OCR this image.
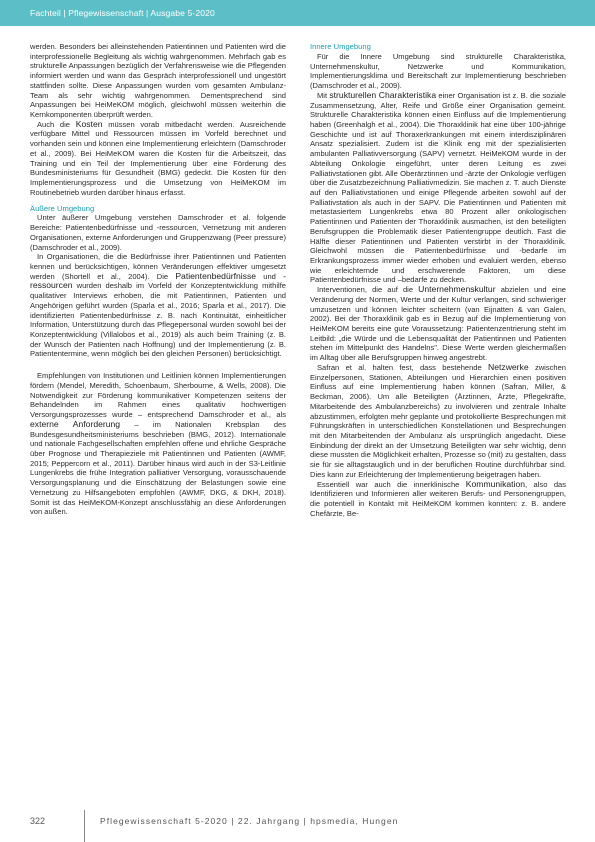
Fachteil | Pflegewissenschaft | Ausgabe 5-2020

werden. Besonders bei alleinstehenden Patientinnen und Patienten wird die interprofessionelle Begleitung als wichtig wahrgenommen. Mehrfach gab es strukturelle Anpassungen bezüglich der Verfahrensweise wie die Pflegenden informiert werden und wann das Gespräch interprofessionell und ungestört stattfinden sollte. Diese Anpassungen wurden vom gesamten Ambulanz-Team als sehr wichtig wahrgenommen. Dementsprechend sind Anpassungen bei HeiMeKOM möglich, gleichwohl müssen weiterhin die Kernkomponenten überprüft werden.

Auch die Kosten müssen vorab mitbedacht werden. Ausreichende verfügbare Mittel und Ressourcen müssen im Vorfeld berechnet und vorhanden sein und können eine Implementierung erleichtern (Damschroder et al., 2009). Bei HeiMeKOM waren die Kosten für die Arbeitszeit, das Training und ein Teil der Implementierung über eine Förderung des Bundesministeriums für Gesundheit (BMG) gedeckt. Die Kosten für den Implementierungsprozess und die Umsetzung von HeiMeKOM im Routinebetrieb wurden darüber hinaus erfasst.

Äußere Umgebung

Unter äußerer Umgebung verstehen Damschroder et al. folgende Bereiche: Patientenbedürfnisse und -ressourcen, Vernetzung mit anderen Organisationen, externe Anforderungen und Gruppenzwang (Peer pressure) (Damschroder et al., 2009).

In Organisationen, die die Bedürfnisse ihrer Patientinnen und Patienten kennen und berücksichtigen, können Veränderungen effektiver umgesetzt werden (Shortell et al., 2004). Die Patientenbedürfnisse und -ressourcen wurden deshalb im Vorfeld der Konzeptentwicklung mithilfe qualitativer Interviews erhoben, die mit Patientinnen, Patienten und Angehörigen geführt wurden (Sparla et al., 2016; Sparla et al., 2017). Die identifizierten Patientenbedürfnisse z. B. nach Kontinuität, einheitlicher Information, Unterstützung durch das Pflegepersonal wurden sowohl bei der Konzeptentwicklung (Villalobos et al., 2019) als auch beim Training (z. B. der Wunsch der Patienten nach Hoffnung) und der Implementierung (z. B. Patiententermine, wenn möglich bei den gleichen Personen) berücksichtigt.

Empfehlungen von Institutionen und Leitlinien können Implementierungen fördern (Mendel, Meredith, Schoenbaum, Sherbourne, & Wells, 2008). Die Notwendigkeit zur Förderung kommunikativer Kompetenzen seitens der Behandelnden im Rahmen eines qualitativ hochwertigen Versorgungsprozesses wurde – entsprechend Damschroder et al., als externe Anforderung – im Nationalen Krebsplan des Bundesgesundheitsministeriums beschrieben (BMG, 2012). Internationale und nationale Fachgesellschaften empfehlen offene und ehrliche Gespräche über Prognose und Therapieziele mit Patientinnen und Patienten (AWMF, 2015; Peppercorn et al., 2011). Darüber hinaus wird auch in der S3-Leitlinie Lungenkrebs die frühe Integration palliativer Versorgung, vorausschauende Versorgungsplanung und die Einschätzung der Belastungen sowie eine Vernetzung zu Hilfsangeboten empfohlen (AWMF, DKG, & DKH, 2018). Somit ist das HeiMeKOM-Konzept anschlussfähig an diese Anforderungen von außen.

Innere Umgebung

Für die Innere Umgebung sind strukturelle Charakteristika, Unternehmenskultur, Netzwerke und Kommunikation, Implementierungsklima und Bereitschaft zur Implementierung beschrieben (Damschroder et al., 2009).

Mit strukturellen Charakteristika einer Organisation ist z. B. die soziale Zusammensetzung, Alter, Reife und Größe einer Organisation gemeint. Strukturelle Charakteristika können einen Einfluss auf die Implementierung haben (Greenhalgh et al., 2004). Die Thoraxklinik hat eine über 100-jährige Geschichte und ist auf Thoraxerkrankungen mit einem interdisziplinären Ansatz spezialisiert. Zudem ist die Klinik eng mit der spezialisierten ambulanten Palliativversorgung (SAPV) vernetzt. HeiMeKOM wurde in der Abteilung Onkologie eingeführt, unter deren Leitung es zwei Palliativstationen gibt. Alle Oberärztinnen und -ärzte der Onkologie verfügen über die Zusatzbezeichnung Palliativmedizin. Sie machen z. T. auch Dienste auf den Palliativstationen und einige Pflegende arbeiten sowohl auf der Palliativstation als auch in der SAPV. Die Patientinnen und Patienten mit metastasiertem Lungenkrebs etwa 80 Prozent aller onkologischen Patientinnen und Patienten der Thoraxklinik ausmachen, ist den beteiligten Berufsgruppen die Problematik dieser Patientengruppe deutlich. Fast die Hälfte dieser Patientinnen und Patienten verstirbt in der Thoraxklinik. Gleichwohl müssen die Patientenbedürfnisse und -bedarfe im Erkrankungsprozess immer wieder erhoben und evaluiert werden, ebenso wie erleichternde und erschwerende Faktoren, um diese Patientenbedürfnisse und –bedarfe zu decken.

Interventionen, die auf die Unternehmenskultur abzielen und eine Veränderung der Normen, Werte und der Kultur verlangen, sind schwieriger umzusetzen und können leichter scheitern (van Eijnatten & van Galen, 2002). Bei der Thoraxklinik gab es in Bezug auf die Implementierung von HeiMeKOM bereits eine gute Voraussetzung: Patientenzentrierung steht im Leitbild: „die Würde und die Lebensqualität der Patientinnen und Patienten stehen im Mittelpunkt des Handelns". Diese Werte werden gleichermaßen im Alltag über alle Berufsgruppen hinweg angestrebt.

Safran et al. halten fest, dass bestehende Netzwerke zwischen Einzelpersonen, Stationen, Abteilungen und Hierarchien einen positiven Einfluss auf eine Implementierung haben können (Safran, Miller, & Beckman, 2006). Um alle Beteiligten (Ärztinnen, Ärzte, Pflegekräfte, Mitarbeitende des Ambulanzbereichs) zu involvieren und zentrale Inhalte abzustimmen, erfolgten mehr geplante und protokollierte Besprechungen mit Führungskräften in unterschiedlichen Konstellationen und Besprechungen mit den Mitarbeitenden der Ambulanz als ursprünglich angedacht. Diese Einbindung der direkt an der Umsetzung Beteiligten war sehr wichtig, denn diese mussten die Möglichkeit erhalten, Prozesse so (mit) zu gestalten, dass sie für sie alltagstauglich und in der beruflichen Routine durchführbar sind. Dies kann zur Erleichterung der Implementierung beigetragen haben.

Essentiell war auch die innerklinische Kommunikation, also das Identifizieren und Informieren aller weiteren Berufs- und Personengruppen, die potentiell in Kontakt mit HeiMeKOM kommen konnten: z. B. andere Chefärzte, Be-

322	Pflegewissenschaft 5-2020 | 22. Jahrgang | hpsmedia, Hungen
